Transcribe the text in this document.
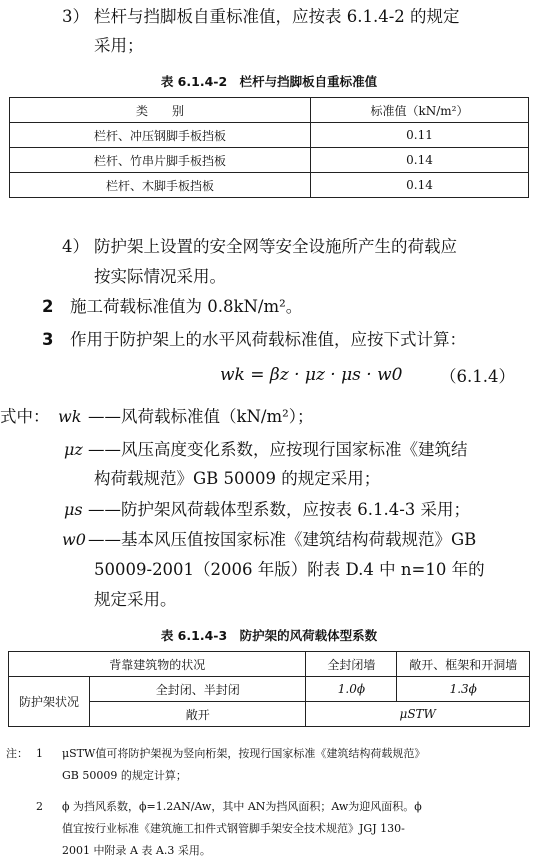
3） 栏杆与挡脚板自重标准值，应按表 6.1.4-2 的规定
采用；
表 6.1.4-2　栏杆与挡脚板自重标准值
类　　别	标准值（kN/m²）
栏杆、冲压钢脚手板挡板	0.11
栏杆、竹串片脚手板挡板	0.14
栏杆、木脚手板挡板	0.14
4） 防护架上设置的安全网等安全设施所产生的荷载应
按实际情况采用。
2 施工荷载标准值为 0.8kN/m²。
3 作用于防护架上的水平风荷载标准值，应按下式计算：
wk = βz · μz · μs · w0 （6.1.4）
式中： wk ——风荷载标准值（kN/m²）；
μz ——风压高度变化系数，应按现行国家标准《建筑结
构荷载规范》GB 50009 的规定采用；
μs ——防护架风荷载体型系数，应按表 6.1.4-3 采用；
w0 ——基本风压值按国家标准《建筑结构荷载规范》GB
50009-2001（2006 年版）附表 D.4 中 n=10 年的
规定采用。
表 6.1.4-3　防护架的风荷载体型系数
背靠建筑物的状况		全封闭墙	敞开、框架和开洞墙
防护架状况	全封闭、半封闭	1.0ϕ	1.3ϕ
	敞开	μSTW	
注： 1 μSTW值可将防护架视为竖向桁架，按现行国家标准《建筑结构荷载规范》
GB 50009 的规定计算；
2 ϕ 为挡风系数，ϕ=1.2AN/Aw，其中 AN为挡风面积；Aw为迎风面积。ϕ
值宜按行业标准《建筑施工扣件式钢管脚手架安全技术规范》JGJ 130-
2001 中附录 A 表 A.3 采用。
